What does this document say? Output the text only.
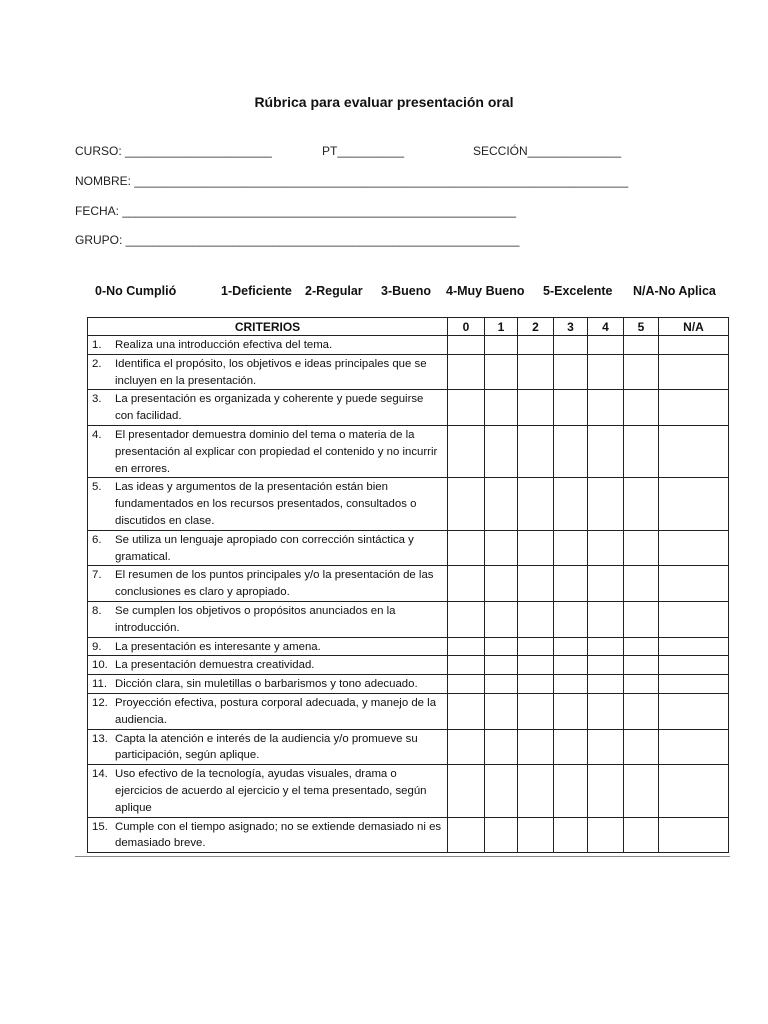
Rúbrica para evaluar presentación oral
CURSO: ______________________	PT__________	SECCIÓN______________
NOMBRE: __________________________________________________________________________
FECHA: ___________________________________________________________
GRUPO: ___________________________________________________________

0-No Cumplió

	1-Deficiente

2-Regular

3-Bueno

4-Muy Bueno

5-Excelente

N/A-No Aplica

CRITERIOS	0	1	2	3	4	5	N/A

1. Realiza una introducción efectiva del tema.							

2. Identifica el propósito, los objetivos e ideas principales que se incluyen en la presentación.							

3. La presentación es organizada y coherente y puede seguirse con facilidad.							

4. El presentador demuestra dominio del tema o materia de la presentación al explicar con propiedad el contenido y no incurrir en errores.							

5. Las ideas y argumentos de la presentación están bien fundamentados en los recursos presentados, consultados o discutidos en clase.							

6. Se utiliza un lenguaje apropiado con corrección sintáctica y gramatical.							

7. El resumen de los puntos principales y/o la presentación de las conclusiones es claro y apropiado.							

8. Se cumplen los objetivos o propósitos anunciados en la introducción.							

9. La presentación es interesante y amena.							

10. La presentación demuestra creatividad.							

11. Dicción clara, sin muletillas o barbarismos y tono adecuado.							

12. Proyección efectiva, postura corporal adecuada, y manejo de la audiencia.							

13. Capta la atención e interés de la audiencia y/o promueve su participación, según aplique.							

14. Uso efectivo de la tecnología, ayudas visuales, drama o ejercicios de acuerdo al ejercicio y el tema presentado, según aplique							

15. Cumple con el tiempo asignado; no se extiende demasiado ni es demasiado breve.							
